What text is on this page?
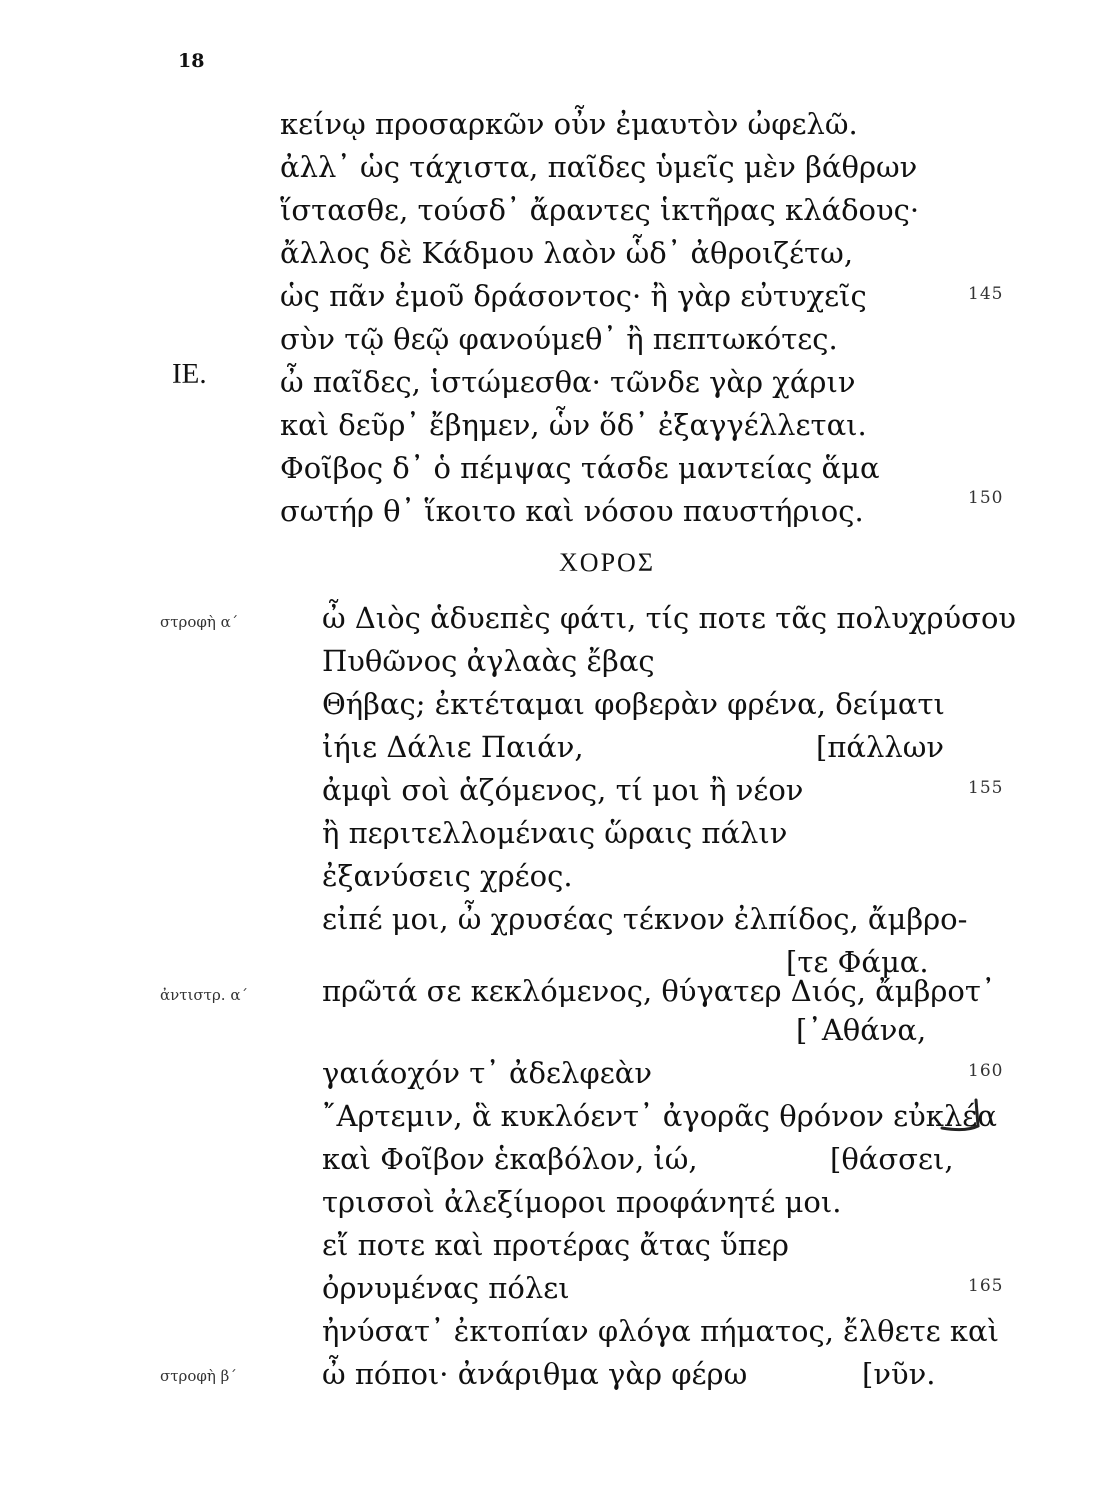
18
κείνῳ προσαρκῶν οὖν ἐμαυτὸν ὠφελῶ.
ἀλλ᾽ ὡς τάχιστα, παῖδες ὑμεῖς μὲν βάθρων
ἵστασθε, τούσδ᾽ ἄραντες ἱκτῆρας κλάδους·
ἄλλος δὲ Κάδμου λαὸν ὧδ᾽ ἀθροιζέτω,
ὡς πᾶν ἐμοῦ δράσοντος· ἢ γὰρ εὐτυχεῖς	145
σὺν τῷ θεῷ φανούμεθ᾽ ἢ πεπτωκότες.
ΙΕ.	ὦ παῖδες, ἱστώμεσθα· τῶνδε γὰρ χάριν
καὶ δεῦρ᾽ ἔβημεν, ὧν ὅδ᾽ ἐξαγγέλλεται.
Φοῖβος δ᾽ ὁ πέμψας τάσδε μαντείας ἅμα
σωτήρ θ᾽ ἵκοιτο καὶ νόσου παυστήριος.	150
ΧΟΡΟΣ
στροφὴ α´	ὦ Διὸς ἁδυεπὲς φάτι, τίς ποτε τᾶς πολυχρύσου
Πυθῶνος ἀγλαὰς ἔβας
Θήβας; ἐκτέταμαι φοβερὰν φρένα, δείματι
ἰήιε Δάλιε Παιάν,	[πάλλων
ἀμφὶ σοὶ ἁζόμενος, τί μοι ἢ νέον	155
ἢ περιτελλομέναις ὥραις πάλιν
ἐξανύσεις χρέος.
εἰπέ μοι, ὦ χρυσέας τέκνον ἐλπίδος, ἄμβρο-
[τε Φάμα.
ἀντιστρ. α´	πρῶτά σε κεκλόμενος, θύγατερ Διός, ἄμβροτ᾽
[᾽Αθάνα,
γαιάοχόν τ᾽ ἀδελφεὰν	160
῎Αρτεμιν, ἃ κυκλόεντ᾽ ἀγορᾶς θρόνον εὐκλέα
καὶ Φοῖβον ἑκαβόλον, ἰώ,	[θάσσει,
τρισσοὶ ἀλεξίμοροι προφάνητέ μοι.
εἴ ποτε καὶ προτέρας ἄτας ὕπερ
ὀρνυμένας πόλει	165
ἠνύσατ᾽ ἐκτοπίαν φλόγα πήματος, ἔλθετε καὶ
στροφὴ β´	ὦ πόποι· ἀνάριθμα γὰρ φέρω	[νῦν.
